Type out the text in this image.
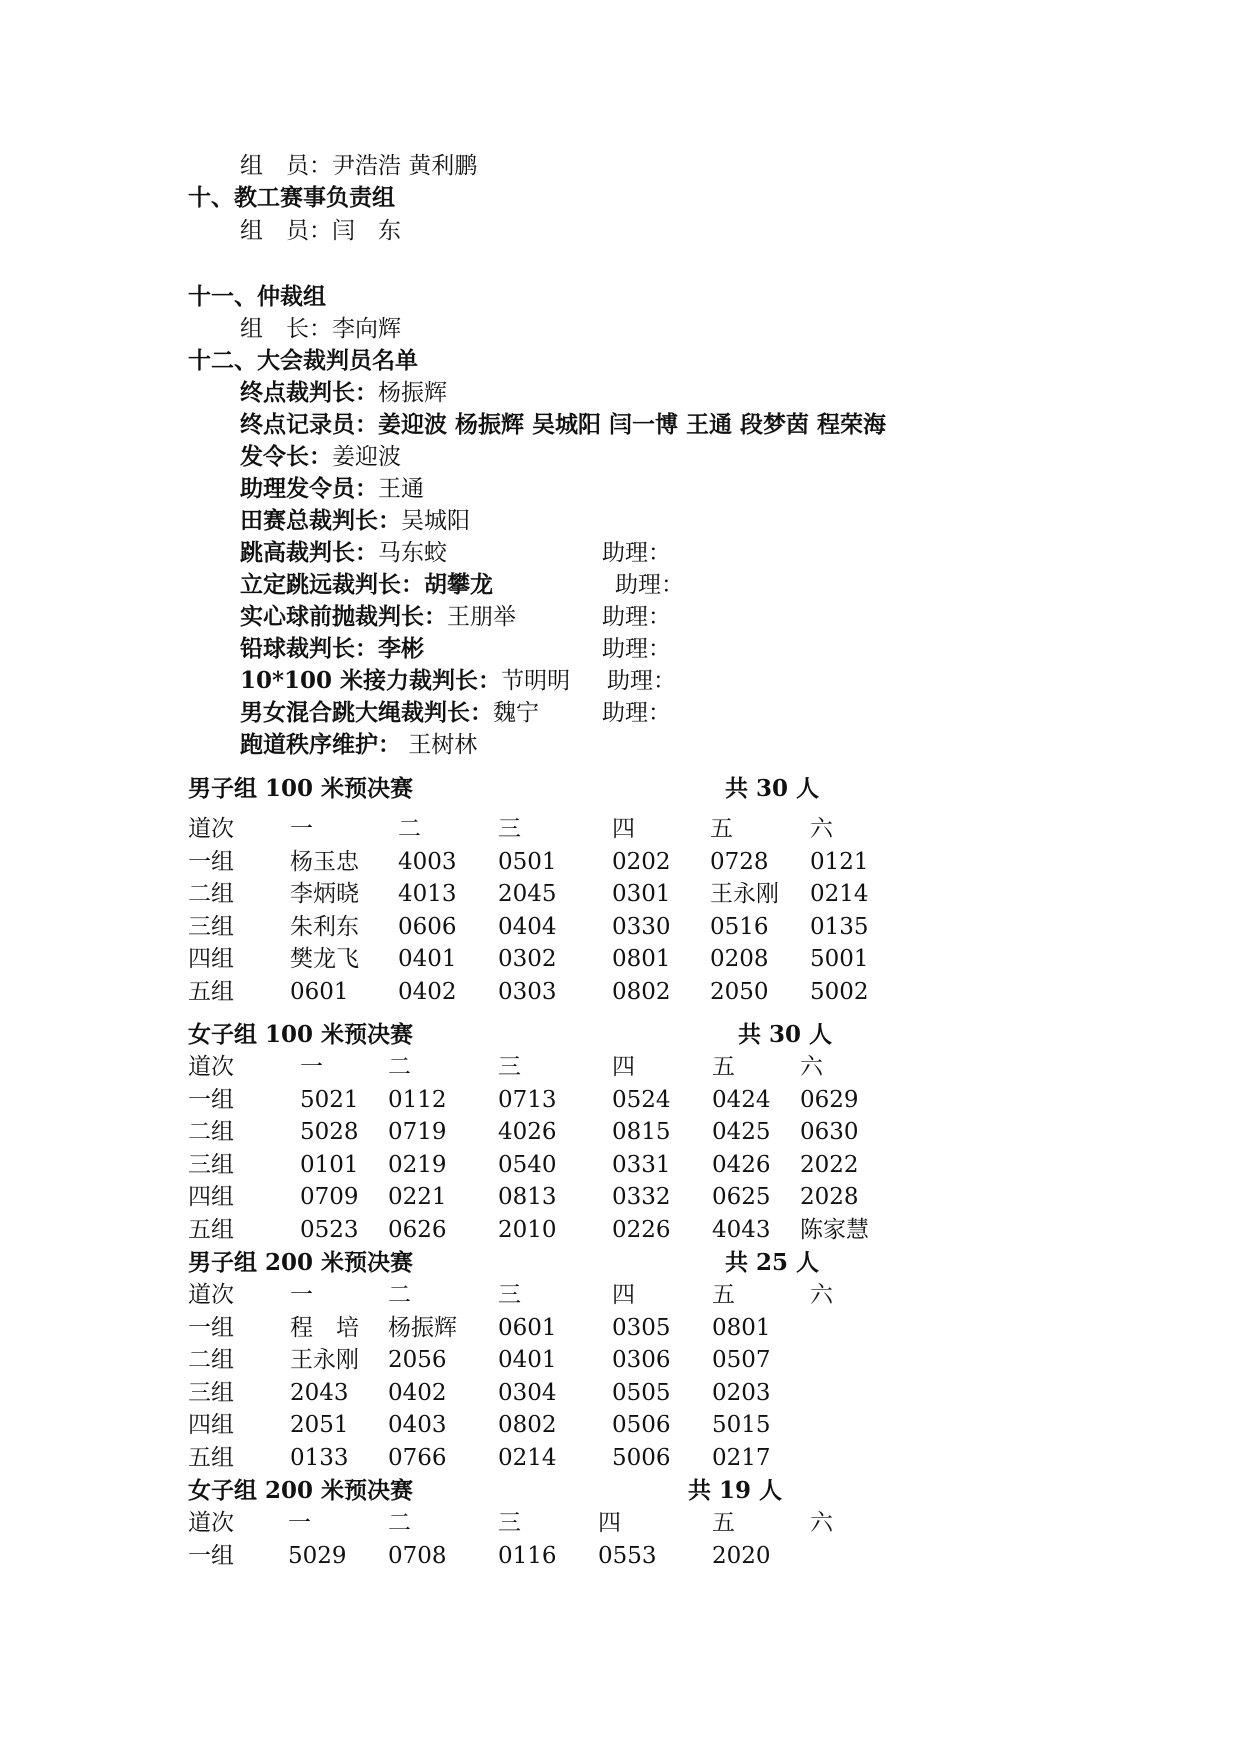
组　员：尹浩浩 黄利鹏
十、教工赛事负责组
组　员：闫　东
十一、仲裁组
组　长：李向辉
十二、大会裁判员名单
终点裁判长：杨振辉
终点记录员：姜迎波 杨振辉 吴城阳 闫一博 王通 段梦茵 程荣海
发令长：姜迎波
助理发令员：王通
田赛总裁判长：吴城阳
跳高裁判长：马东蛟	助理：
立定跳远裁判长：胡攀龙	助理：
实心球前抛裁判长：王朋举	助理：
铅球裁判长：李彬	助理：
10*100 米接力裁判长：节明明 助理：
男女混合跳大绳裁判长：魏宁	助理：
跑道秩序维护： 王树林
男子组 100 米预决赛	共 30 人
女子组 100 米预决赛	共 30 人
男子组 200 米预决赛	共 25 人
女子组 200 米预决赛	共 19 人
道次 一	二	三	四	五	六
一组 杨玉忠 4003 0501 0202 0728 0121
二组 李炳晓 4013 2045 0301 王永刚 0214
三组 朱利东 0606 0404 0330 0516 0135
四组 樊龙飞 0401 0302 0801 0208 5001
五组 0601 0402 0303 0802 2050 5002
道次	一	二	三	四	五	六
一组	5021 0112 0713 0524 0424 0629
二组	5028 0719 4026 0815 0425 0630
三组	0101 0219 0540 0331 0426 2022
四组	0709 0221 0813 0332 0625 2028
五组	0523 0626 2010 0226 4043 陈家慧
道次 一	二	三	四	五	六
一组 程　培 杨振辉 0601 0305 0801
二组 王永刚 2056 0401 0306 0507
三组 2043 0402 0304 0505 0203
四组 2051 0403 0802 0506 5015
五组 0133 0766 0214 5006 0217
道次 一	二	三	四	五	六
一组 5029 0708 0116 0553 2020
